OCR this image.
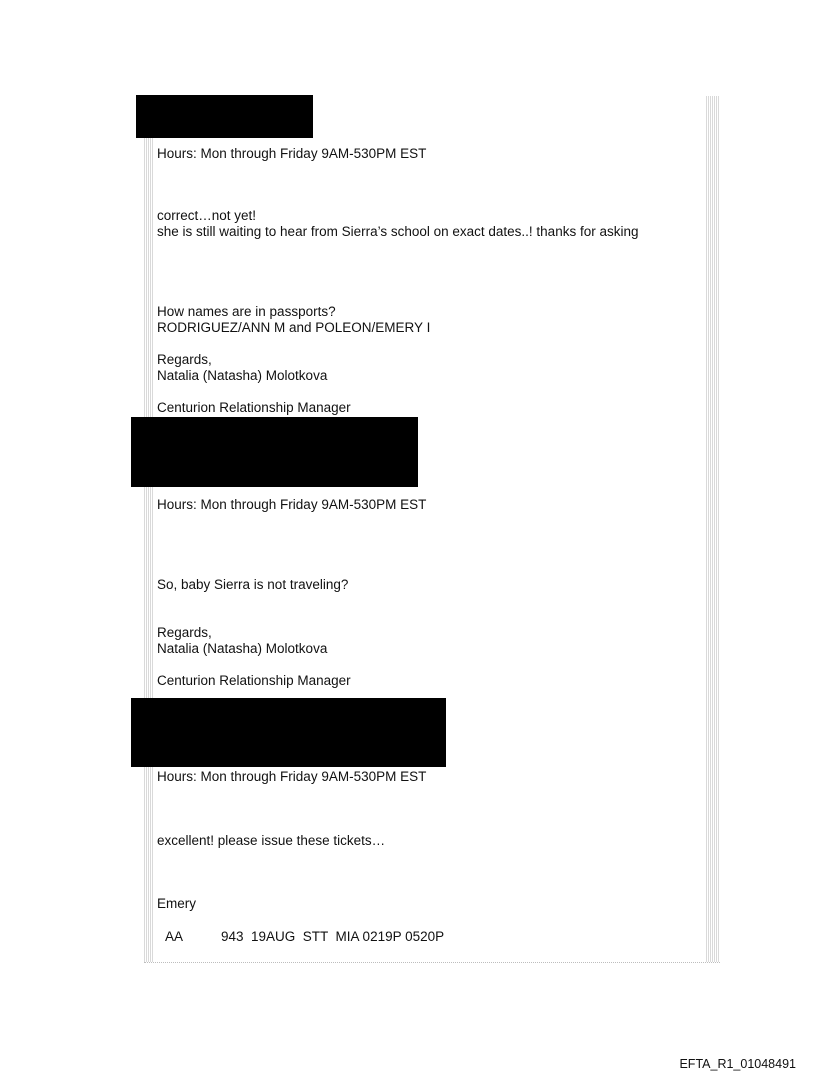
Hours: Mon through Friday 9AM-530PM EST
correct…not yet!
she is still waiting to hear from Sierra’s school on exact dates..! thanks for asking
How names are in passports?
RODRIGUEZ/ANN M and POLEON/EMERY I
Regards,
Natalia (Natasha) Molotkova
Centurion Relationship Manager
Hours: Mon through Friday 9AM-530PM EST
So, baby Sierra is not traveling?
Regards,
Natalia (Natasha) Molotkova
Centurion Relationship Manager
Hours: Mon through Friday 9AM-530PM EST
excellent! please issue these tickets…
Emery
AA	943  19AUG  STT  MIA 0219P 0520P
EFTA_R1_01048491
